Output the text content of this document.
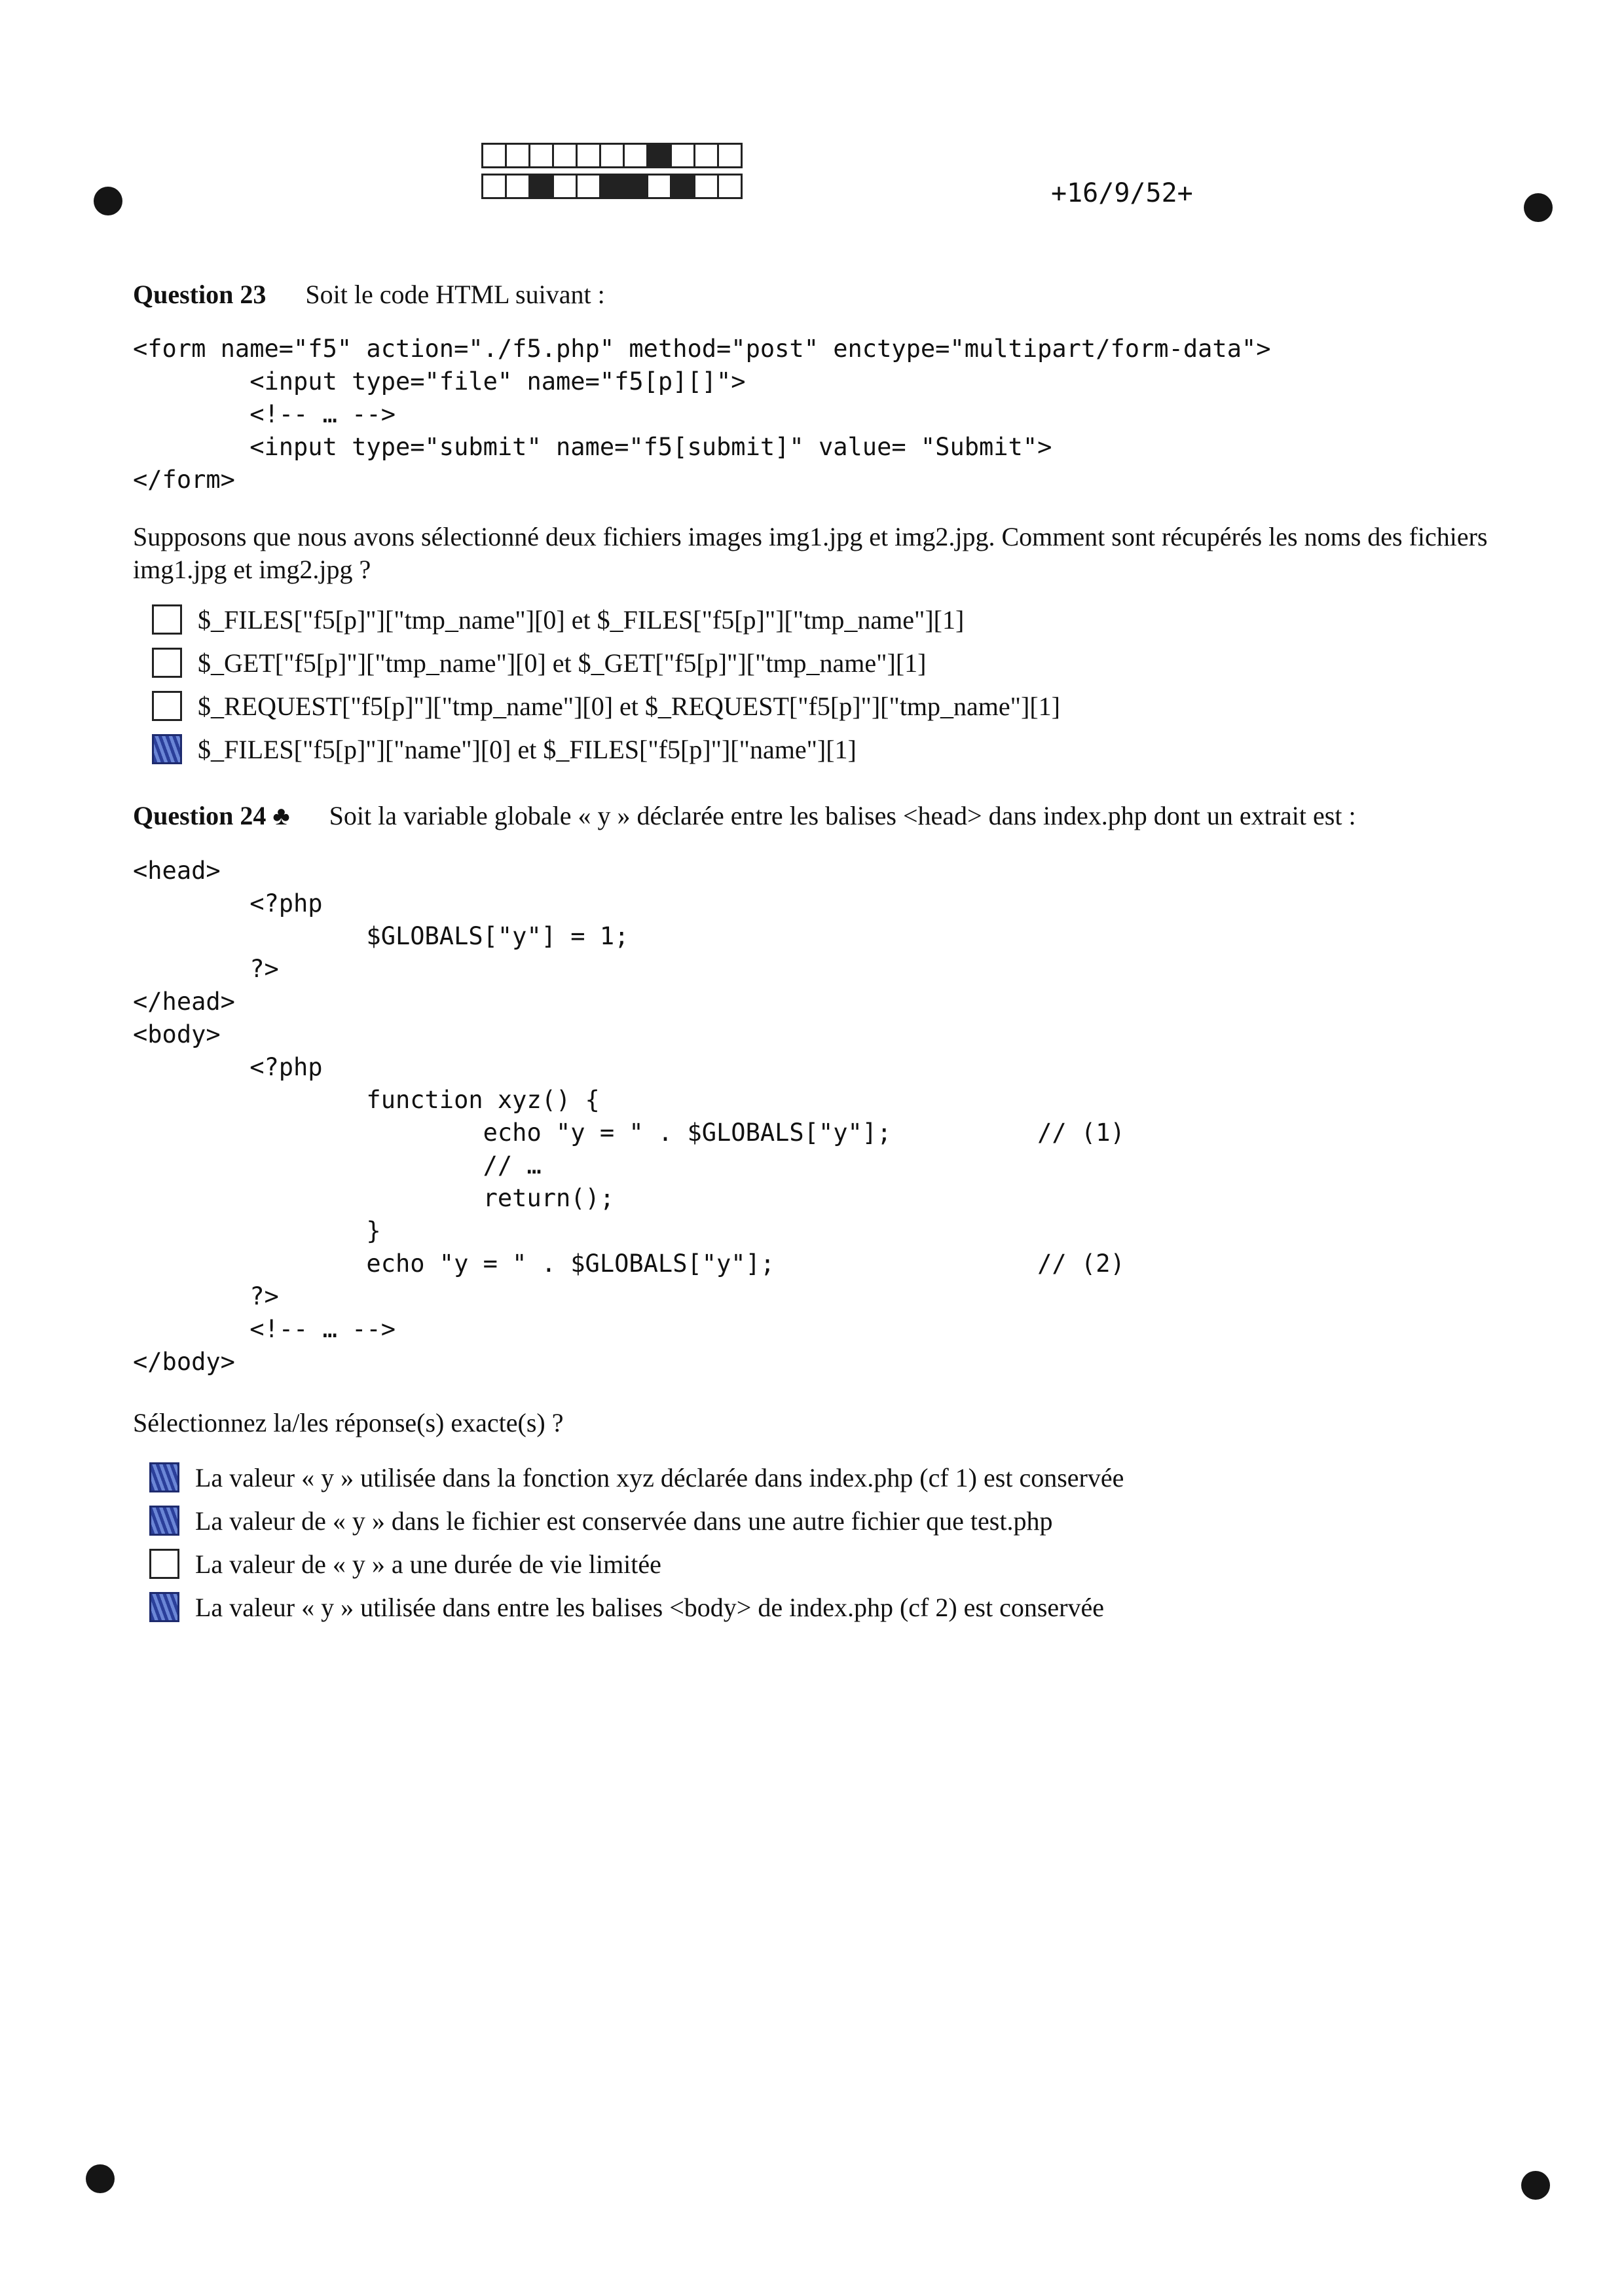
+16/9/52+
Question 23 Soit le code HTML suivant :
<form name="f5" action="./f5.php" method="post" enctype="multipart/form-data">
<input type="file" name="f5[p][]">
<!-- … -->
<input type="submit" name="f5[submit]" value= "Submit">
</form>

Supposons que nous avons sélectionné deux fichiers images img1.jpg et img2.jpg. Comment sont récupérés les noms des fichiers img1.jpg et img2.jpg ?

$_FILES["f5[p]"]["tmp_name"][0] et $_FILES["f5[p]"]["tmp_name"][1]
$_GET["f5[p]"]["tmp_name"][0] et $_GET["f5[p]"]["tmp_name"][1]
$_REQUEST["f5[p]"]["tmp_name"][0] et $_REQUEST["f5[p]"]["tmp_name"][1]
$_FILES["f5[p]"]["name"][0] et $_FILES["f5[p]"]["name"][1]
Question 24 ♣ Soit la variable globale « y » déclarée entre les balises <head> dans index.php dont un extrait est :
<head>
<?php
$GLOBALS["y"] = 1;
?>
</head>
<body>
<?php
function xyz() {
echo "y = " . $GLOBALS["y"];          // (1)
// …
return();
}
echo "y = " . $GLOBALS["y"];                  // (2)
?>
<!-- … -->
</body>
Sélectionnez la/les réponse(s) exacte(s) ?
La valeur « y » utilisée dans la fonction xyz déclarée dans index.php (cf 1) est conservée
La valeur de « y » dans le fichier est conservée dans une autre fichier que test.php
La valeur de « y » a une durée de vie limitée
La valeur « y » utilisée dans entre les balises <body> de index.php (cf 2) est conservée
